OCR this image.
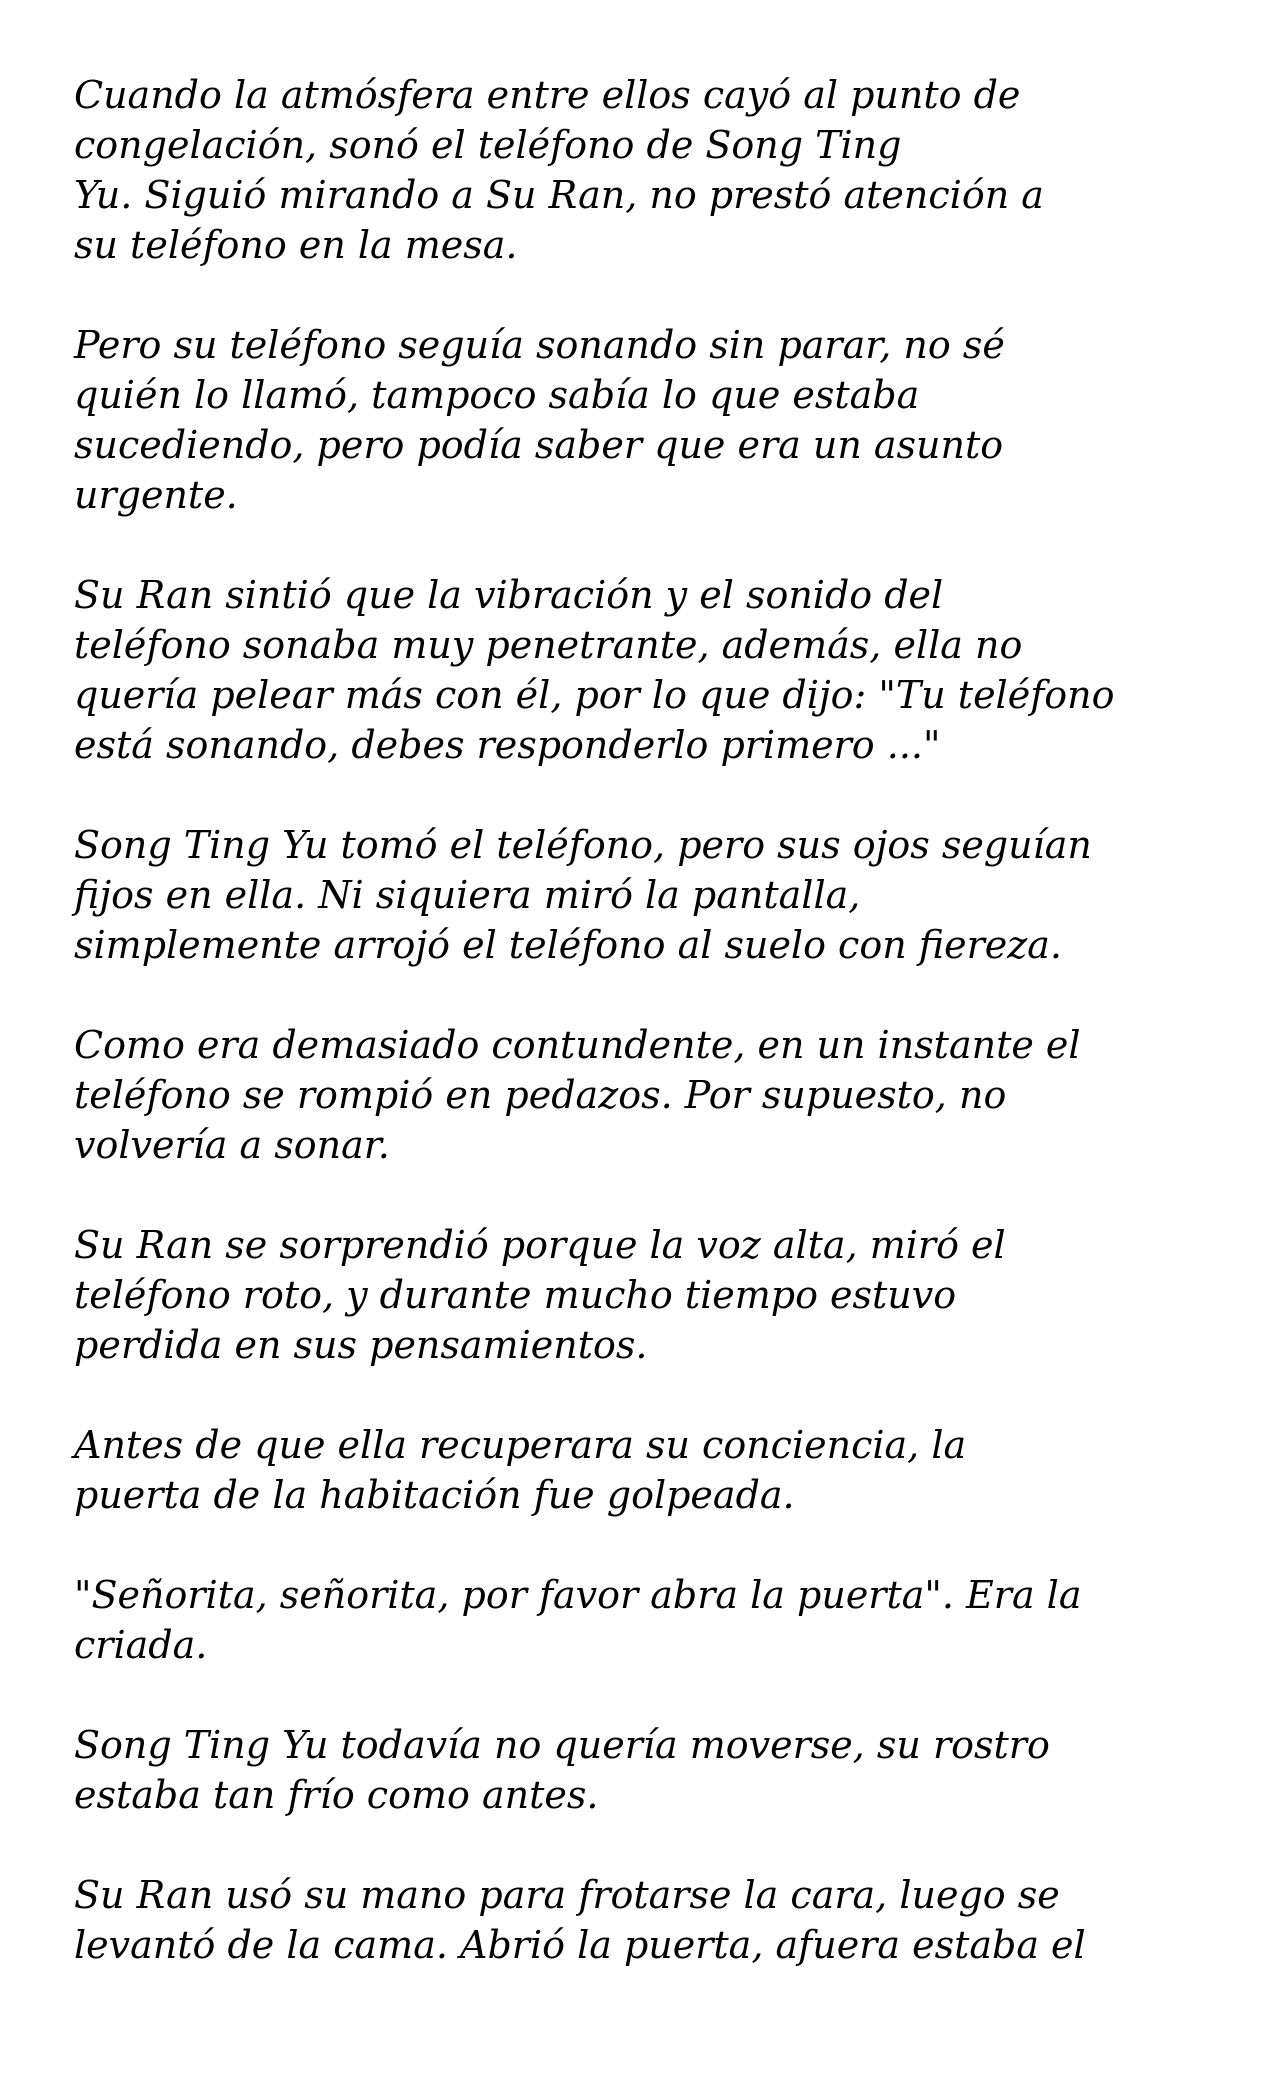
Cuando la atmósfera entre ellos cayó al punto de
congelación, sonó el teléfono de Song Ting
Yu. Siguió mirando a Su Ran, no prestó atención a
su teléfono en la mesa.

Pero su teléfono seguía sonando sin parar, no sé
quién lo llamó, tampoco sabía lo que estaba
sucediendo, pero podía saber que era un asunto
urgente.

Su Ran sintió que la vibración y el sonido del
teléfono sonaba muy penetrante, además, ella no
quería pelear más con él, por lo que dijo: "Tu teléfono
está sonando, debes responderlo primero ..."

Song Ting Yu tomó el teléfono, pero sus ojos seguían
fijos en ella. Ni siquiera miró la pantalla,
simplemente arrojó el teléfono al suelo con fiereza.

Como era demasiado contundente, en un instante el
teléfono se rompió en pedazos. Por supuesto, no
volvería a sonar.

Su Ran se sorprendió porque la voz alta, miró el
teléfono roto, y durante mucho tiempo estuvo
perdida en sus pensamientos.

Antes de que ella recuperara su conciencia, la
puerta de la habitación fue golpeada.

"Señorita, señorita, por favor abra la puerta". Era la
criada.

Song Ting Yu todavía no quería moverse, su rostro
estaba tan frío como antes.

Su Ran usó su mano para frotarse la cara, luego se
levantó de la cama. Abrió la puerta, afuera estaba el
